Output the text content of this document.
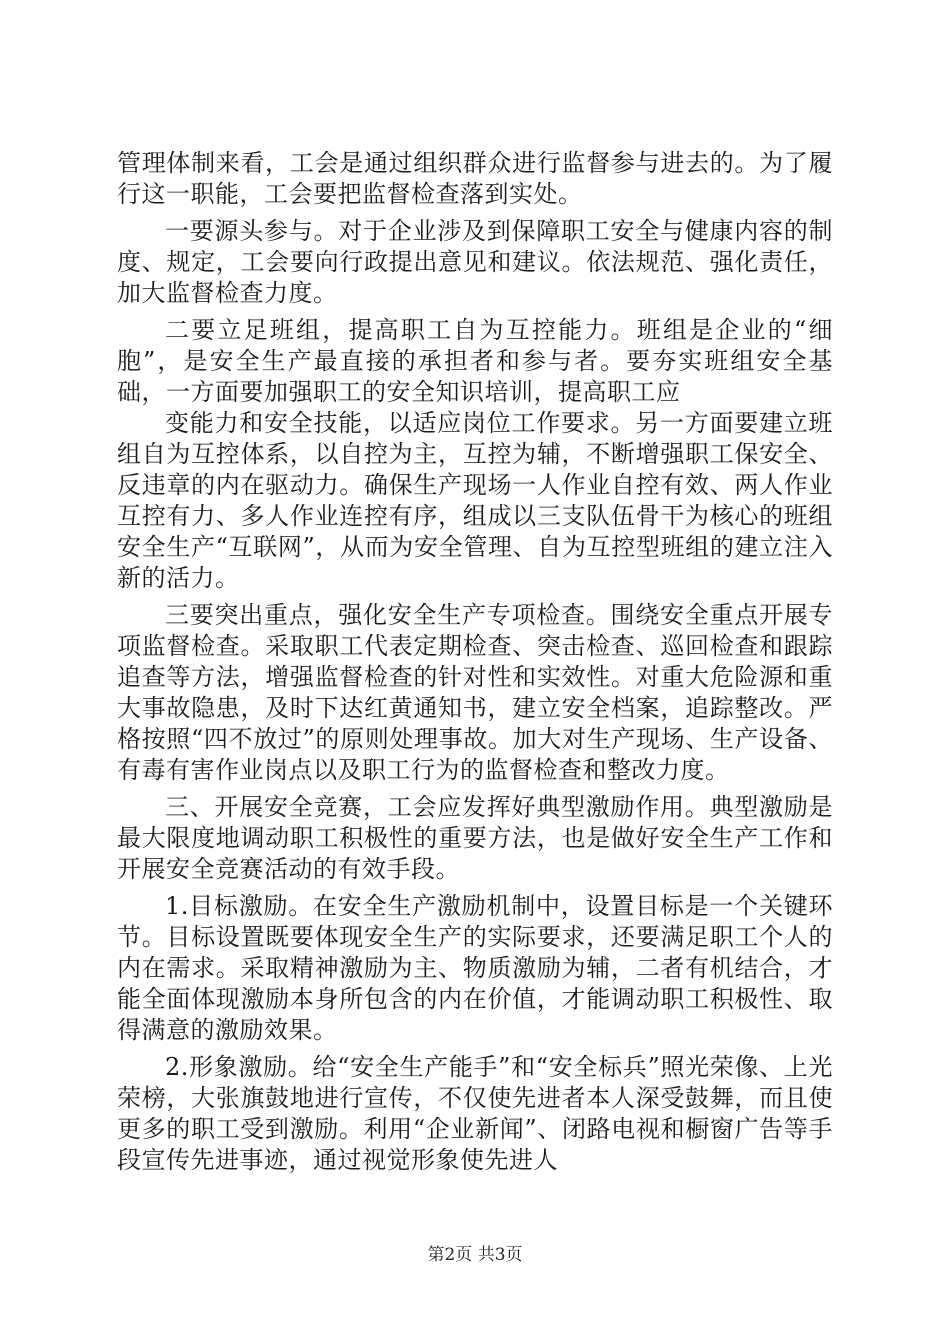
管理体制来看，工会是通过组织群众进行监督参与进去的。为了履行这一职能，工会要把监督检查落到实处。

一要源头参与。对于企业涉及到保障职工安全与健康内容的制度、规定，工会要向行政提出意见和建议。依法规范、强化责任，加大监督检查力度。

二要立足班组，提高职工自为互控能力。班组是企业的“细胞”，是安全生产最直接的承担者和参与者。要夯实班组安全基础，一方面要加强职工的安全知识培训，提高职工应

变能力和安全技能，以适应岗位工作要求。另一方面要建立班组自为互控体系，以自控为主，互控为辅，不断增强职工保安全、反违章的内在驱动力。确保生产现场一人作业自控有效、两人作业互控有力、多人作业连控有序，组成以三支队伍骨干为核心的班组安全生产“互联网”，从而为安全管理、自为互控型班组的建立注入新的活力。

三要突出重点，强化安全生产专项检查。围绕安全重点开展专项监督检查。采取职工代表定期检查、突击检查、巡回检查和跟踪追查等方法，增强监督检查的针对性和实效性。对重大危险源和重大事故隐患，及时下达红黄通知书，建立安全档案，追踪整改。严格按照“四不放过”的原则处理事故。加大对生产现场、生产设备、有毒有害作业岗点以及职工行为的监督检查和整改力度。

三、开展安全竞赛，工会应发挥好典型激励作用。典型激励是最大限度地调动职工积极性的重要方法，也是做好安全生产工作和开展安全竞赛活动的有效手段。

1.目标激励。在安全生产激励机制中，设置目标是一个关键环节。目标设置既要体现安全生产的实际要求，还要满足职工个人的内在需求。采取精神激励为主、物质激励为辅，二者有机结合，才能全面体现激励本身所包含的内在价值，才能调动职工积极性、取得满意的激励效果。

2.形象激励。给“安全生产能手”和“安全标兵”照光荣像、上光荣榜，大张旗鼓地进行宣传，不仅使先进者本人深受鼓舞，而且使更多的职工受到激励。利用“企业新闻”、闭路电视和橱窗广告等手段宣传先进事迹，通过视觉形象使先进人

第2页 共3页
